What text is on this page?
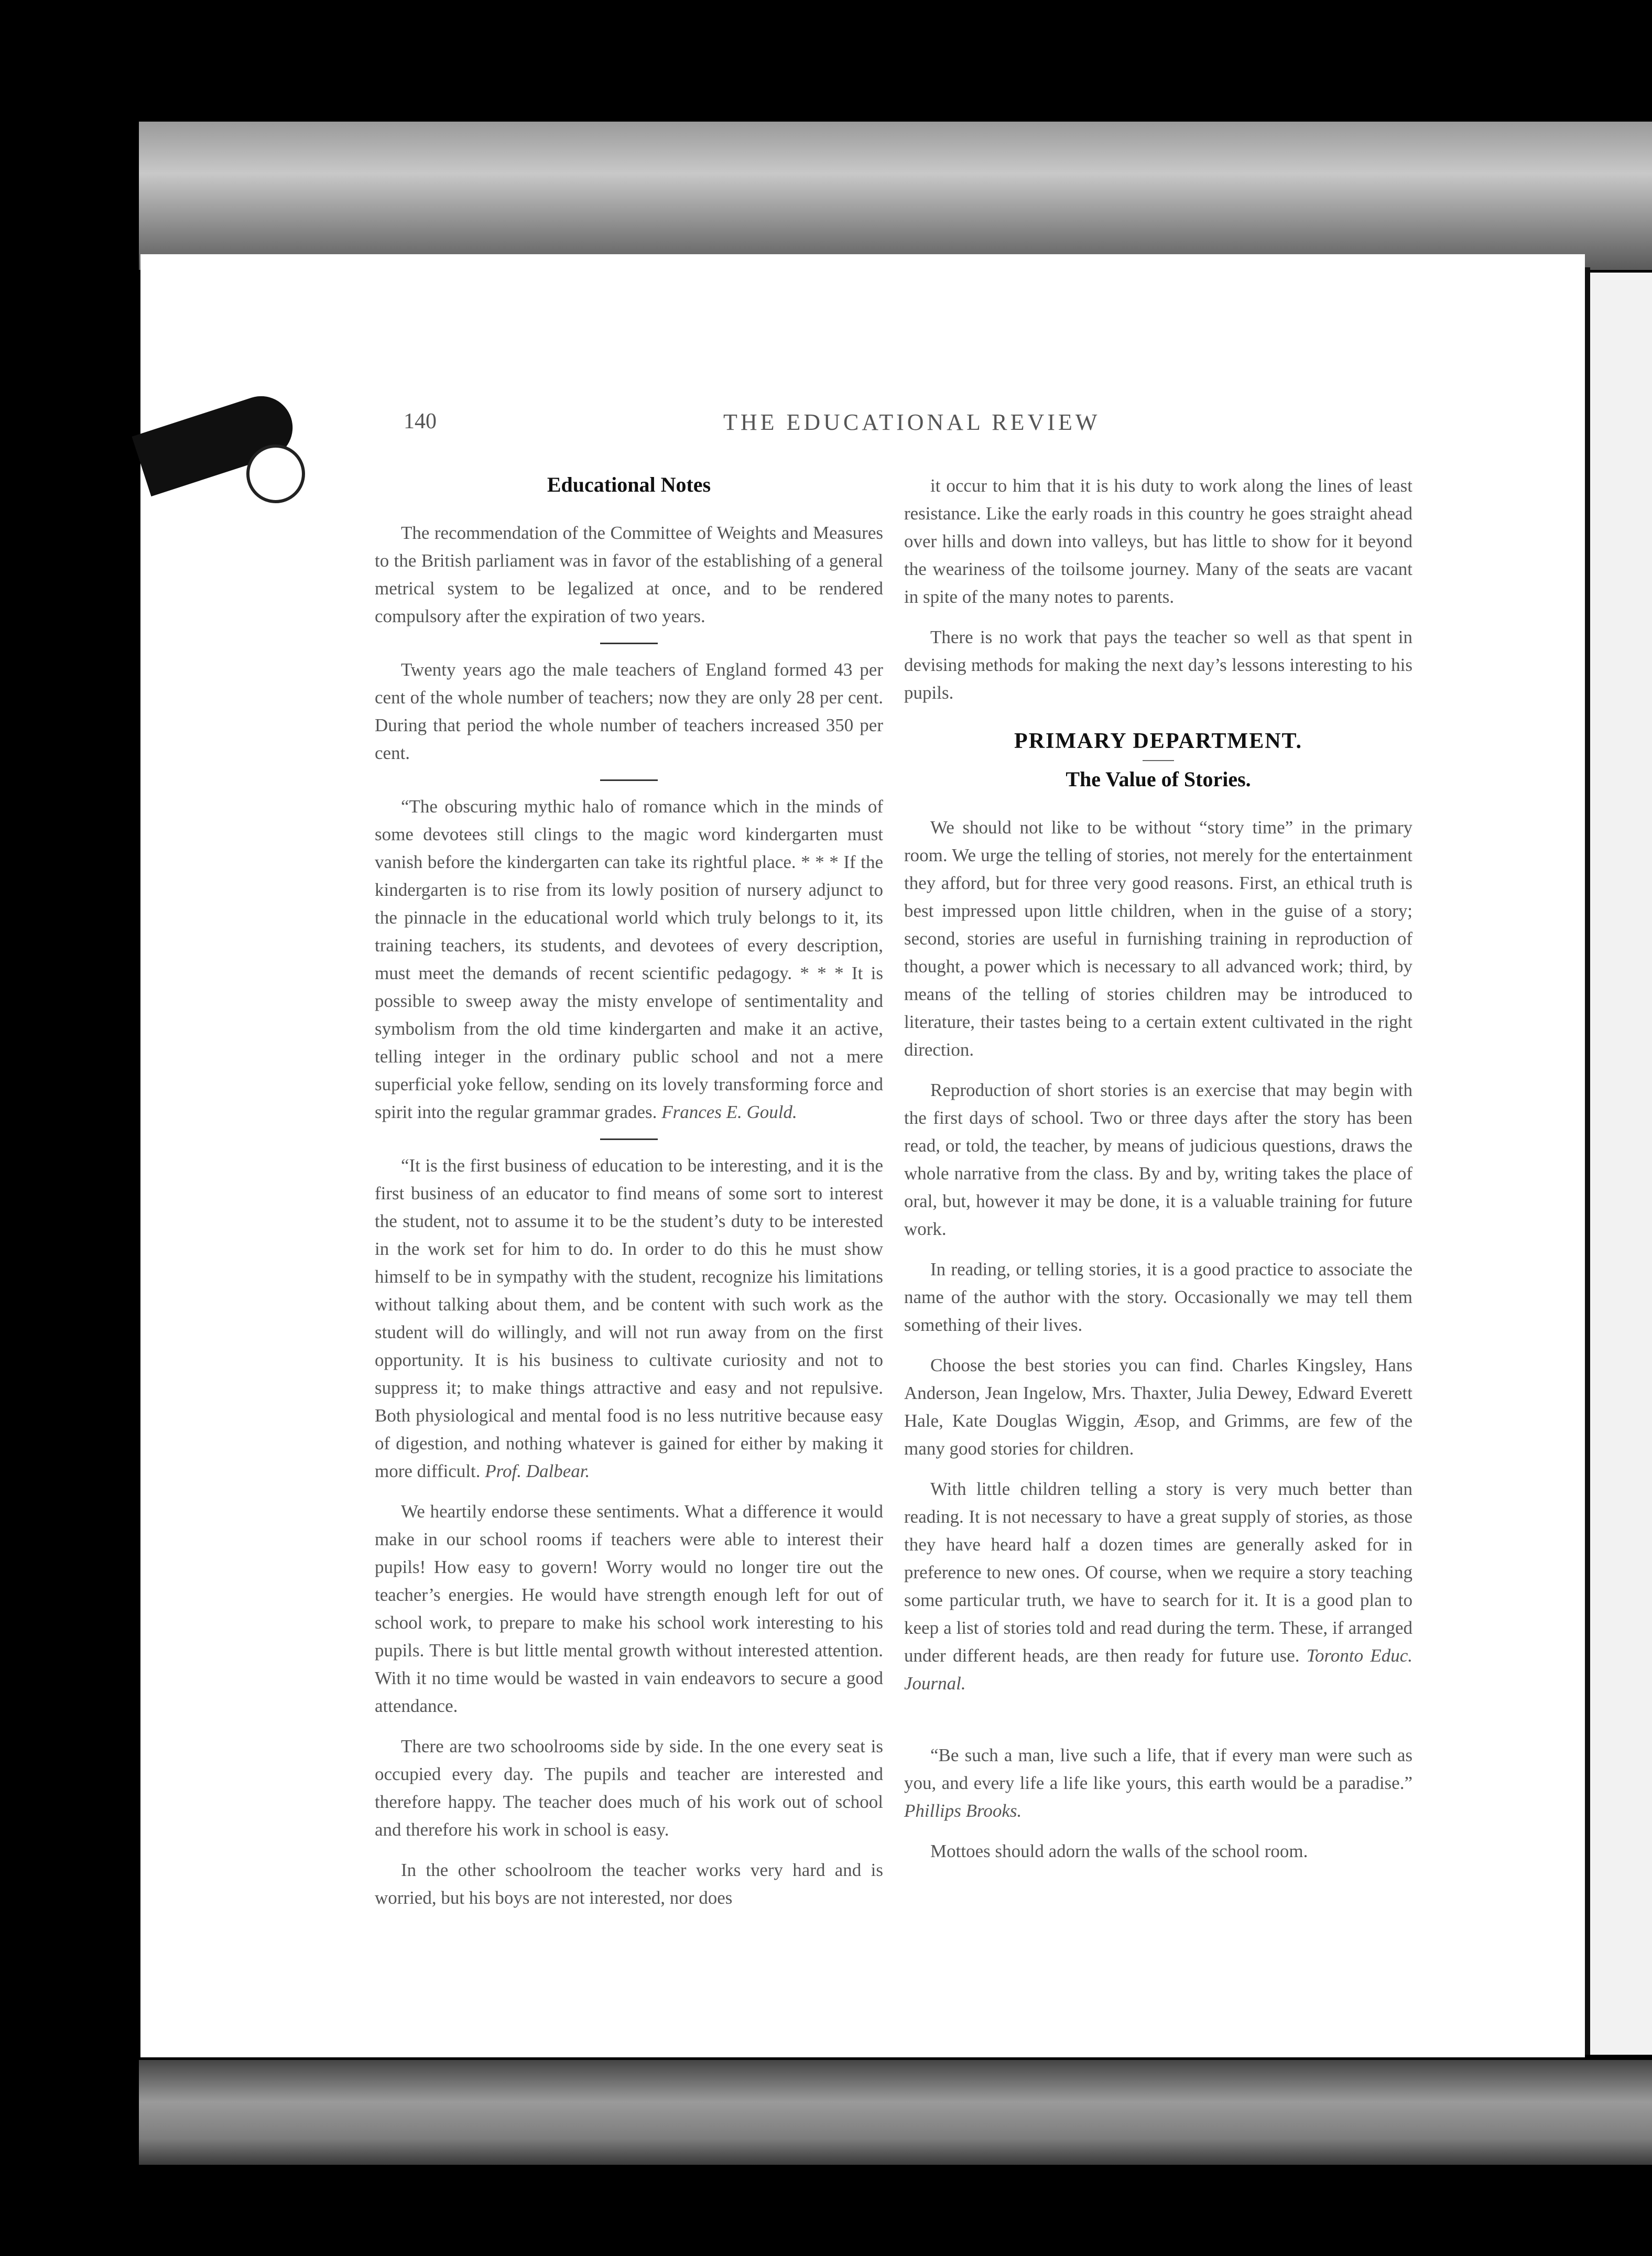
140	THE EDUCATIONAL REVIEW
Educational Notes

The recommendation of the Committee of Weights and Measures to the British parliament was in favor of the establishing of a general metrical system to be legalized at once, and to be rendered compulsory after the expiration of two years.

Twenty years ago the male teachers of England formed 43 per cent of the whole number of teachers; now they are only 28 per cent. During that period the whole number of teachers increased 350 per cent.

“The obscuring mythic halo of romance which in the minds of some devotees still clings to the magic word kindergarten must vanish before the kindergarten can take its rightful place. * * * If the kindergarten is to rise from its lowly position of nursery adjunct to the pinnacle in the educational world which truly belongs to it, its training teachers, its students, and devotees of every description, must meet the demands of recent scientific pedagogy. * * * It is possible to sweep away the misty envelope of sentimentality and symbolism from the old time kindergarten and make it an active, telling integer in the ordinary public school and not a mere superficial yoke fellow, sending on its lovely transforming force and spirit into the regular grammar grades. Frances E. Gould.

“It is the first business of education to be interesting, and it is the first business of an educator to find means of some sort to interest the student, not to assume it to be the student’s duty to be interested in the work set for him to do. In order to do this he must show himself to be in sympathy with the student, recognize his limitations without talking about them, and be content with such work as the student will do willingly, and will not run away from on the first opportunity. It is his business to cultivate curiosity and not to suppress it; to make things attractive and easy and not repulsive. Both physiological and mental food is no less nutritive because easy of digestion, and nothing whatever is gained for either by making it more difficult. Prof. Dalbear.

We heartily endorse these sentiments. What a difference it would make in our school rooms if teachers were able to interest their pupils! How easy to govern! Worry would no longer tire out the teacher’s energies. He would have strength enough left for out of school work, to prepare to make his school work interesting to his pupils. There is but little mental growth without interested attention. With it no time would be wasted in vain endeavors to secure a good attendance.

There are two schoolrooms side by side. In the one every seat is occupied every day. The pupils and teacher are interested and therefore happy. The teacher does much of his work out of school and therefore his work in school is easy.

In the other schoolroom the teacher works very hard and is worried, but his boys are not interested, nor does

it occur to him that it is his duty to work along the lines of least resistance. Like the early roads in this country he goes straight ahead over hills and down into valleys, but has little to show for it beyond the weariness of the toilsome journey. Many of the seats are vacant in spite of the many notes to parents.

There is no work that pays the teacher so well as that spent in devising methods for making the next day’s lessons interesting to his pupils.

PRIMARY DEPARTMENT.
The Value of Stories.

We should not like to be without “story time” in the primary room. We urge the telling of stories, not merely for the entertainment they afford, but for three very good reasons. First, an ethical truth is best impressed upon little children, when in the guise of a story; second, stories are useful in furnishing training in reproduction of thought, a power which is necessary to all advanced work; third, by means of the telling of stories children may be introduced to literature, their tastes being to a certain extent cultivated in the right direction.

Reproduction of short stories is an exercise that may begin with the first days of school. Two or three days after the story has been read, or told, the teacher, by means of judicious questions, draws the whole narrative from the class. By and by, writing takes the place of oral, but, however it may be done, it is a valuable training for future work.

In reading, or telling stories, it is a good practice to associate the name of the author with the story. Occasionally we may tell them something of their lives.

Choose the best stories you can find. Charles Kingsley, Hans Anderson, Jean Ingelow, Mrs. Thaxter, Julia Dewey, Edward Everett Hale, Kate Douglas Wiggin, Æsop, and Grimms, are few of the many good stories for children.

With little children telling a story is very much better than reading. It is not necessary to have a great supply of stories, as those they have heard half a dozen times are generally asked for in preference to new ones. Of course, when we require a story teaching some particular truth, we have to search for it. It is a good plan to keep a list of stories told and read during the term. These, if arranged under different heads, are then ready for future use. Toronto Educ. Journal.

“Be such a man, live such a life, that if every man were such as you, and every life a life like yours, this earth would be a paradise.” Phillips Brooks.

Mottoes should adorn the walls of the school room.
